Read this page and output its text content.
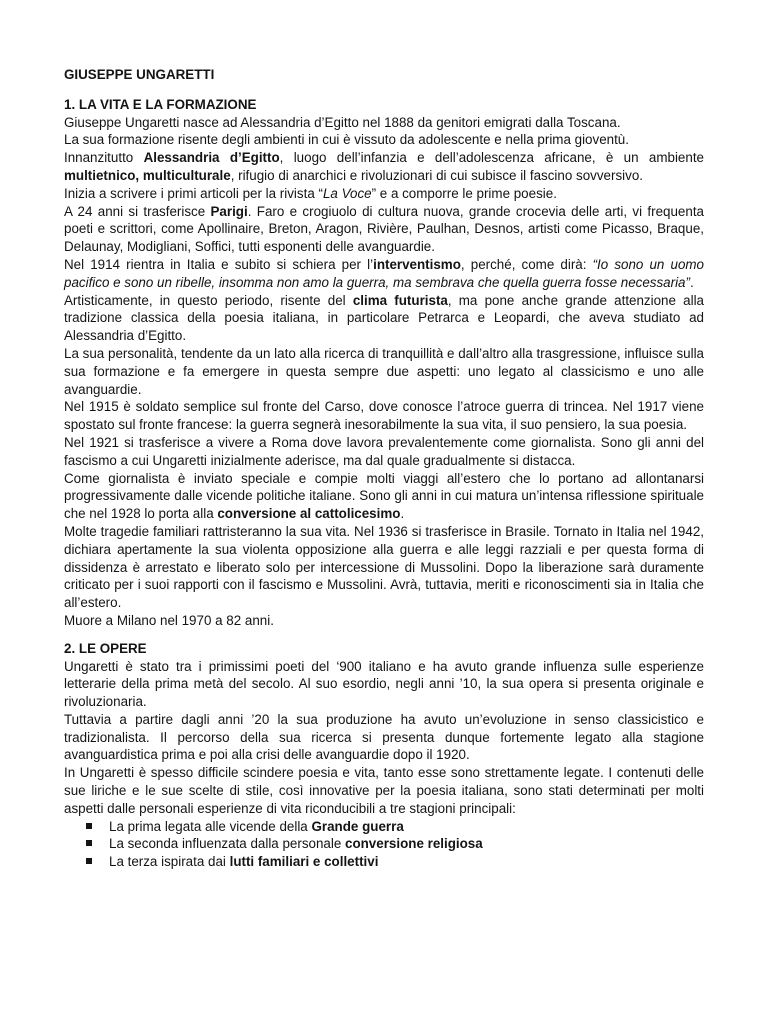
GIUSEPPE UNGARETTI
1. LA VITA E LA FORMAZIONE

Giuseppe Ungaretti nasce ad Alessandria d’Egitto nel 1888 da genitori emigrati dalla Toscana.

La sua formazione risente degli ambienti in cui è vissuto da adolescente e nella prima gioventù.

Innanzitutto Alessandria d’Egitto, luogo dell’infanzia e dell’adolescenza africane, è un ambiente multietnico, multiculturale, rifugio di anarchici e rivoluzionari di cui subisce il fascino sovversivo.

Inizia a scrivere i primi articoli per la rivista “La Voce” e a comporre le prime poesie.

A 24 anni si trasferisce Parigi. Faro e crogiuolo di cultura nuova, grande crocevia delle arti, vi frequenta poeti e scrittori, come Apollinaire, Breton, Aragon, Rivière, Paulhan, Desnos, artisti come Picasso, Braque, Delaunay, Modigliani, Soffici, tutti esponenti delle avanguardie.

Nel 1914 rientra in Italia e subito si schiera per l’interventismo, perché, come dirà: “Io sono un uomo pacifico e sono un ribelle, insomma non amo la guerra, ma sembrava che quella guerra fosse necessaria”.

Artisticamente, in questo periodo, risente del clima futurista, ma pone anche grande attenzione alla tradizione classica della poesia italiana, in particolare Petrarca e Leopardi, che aveva studiato ad Alessandria d’Egitto.

La sua personalità, tendente da un lato alla ricerca di tranquillità e dall’altro alla trasgressione, influisce sulla sua formazione e fa emergere in questa sempre due aspetti: uno legato al classicismo e uno alle avanguardie.

Nel 1915 è soldato semplice sul fronte del Carso, dove conosce l’atroce guerra di trincea. Nel 1917 viene spostato sul fronte francese: la guerra segnerà inesorabilmente la sua vita, il suo pensiero, la sua poesia.

Nel 1921 si trasferisce a vivere a Roma dove lavora prevalentemente come giornalista. Sono gli anni del fascismo a cui Ungaretti inizialmente aderisce, ma dal quale gradualmente si distacca.

Come giornalista è inviato speciale e compie molti viaggi all’estero che lo portano ad allontanarsi progressivamente dalle vicende politiche italiane. Sono gli anni in cui matura un’intensa riflessione spirituale che nel 1928 lo porta alla conversione al cattolicesimo.

Molte tragedie familiari rattristeranno la sua vita. Nel 1936 si trasferisce in Brasile. Tornato in Italia nel 1942, dichiara apertamente la sua violenta opposizione alla guerra e alle leggi razziali e per questa forma di dissidenza è arrestato e liberato solo per intercessione di Mussolini. Dopo la liberazione sarà duramente criticato per i suoi rapporti con il fascismo e Mussolini. Avrà, tuttavia, meriti e riconoscimenti sia in Italia che all’estero.

Muore a Milano nel 1970 a 82 anni.

2. LE OPERE

Ungaretti è stato tra i primissimi poeti del ‘900 italiano e ha avuto grande influenza sulle esperienze letterarie della prima metà del secolo. Al suo esordio, negli anni ’10, la sua opera si presenta originale e rivoluzionaria.

Tuttavia a partire dagli anni ’20 la sua produzione ha avuto un’evoluzione in senso classicistico e tradizionalista. Il percorso della sua ricerca si presenta dunque fortemente legato alla stagione avanguardistica prima e poi alla crisi delle avanguardie dopo il 1920.

In Ungaretti è spesso difficile scindere poesia e vita, tanto esse sono strettamente legate. I contenuti delle sue liriche e le sue scelte di stile, così innovative per la poesia italiana, sono stati determinati per molti aspetti dalle personali esperienze di vita riconducibili a tre stagioni principali:

La prima legata alle vicende della Grande guerra
La seconda influenzata dalla personale conversione religiosa
La terza ispirata dai lutti familiari e collettivi
